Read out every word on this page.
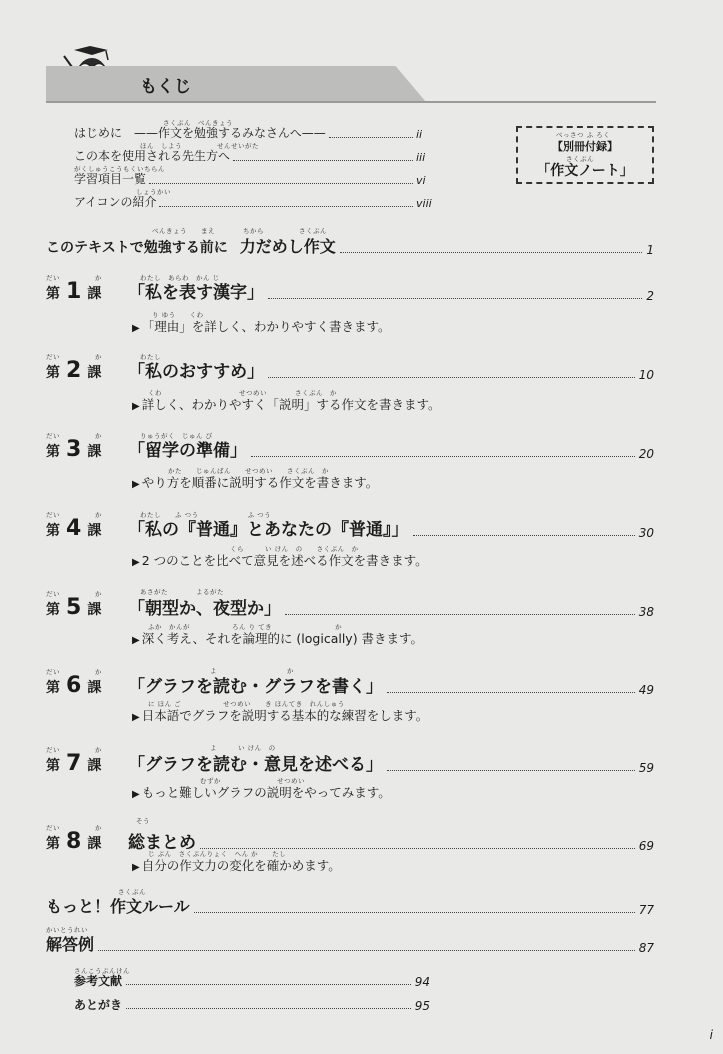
もくじ
さくぶん　べんきょう
はじめに　——作文を勉強するみなさんへ——	ii
ほん　しよう　　　　　せんせいがた
この本を使用される先生方へ	iii
がくしゅうこうもくいちらん
学習項目一覧	vi
しょうかい
アイコンの紹介	viii
べっさつ ふ ろく
【別冊付録】
さくぶん
「作文ノート」
べんきょう　　まえ　　　　ちから　　　　　さくぶん
このテキストで勉強する前に 力だめし作文	1
だい　　　　　か	わたし　あらわ　かん じ
第 1 課 「私を表す漢字」	2
り ゆう　　くわ
▶ 「理由」を詳しく、わかりやすく書きます。
だい　　　　　か	わたし
第 2 課 「私のおすすめ」	10
くわ　　　　　　　　　　　せつめい　　　　さくぶん　か
▶ 詳しく、わかりやすく「説明」する作文を書きます。
だい　　　　　か	りゅうがく　じゅん び
第 3 課 「留学の準備」	20
かた　　じゅんばん　　せつめい　　さくぶん　か
▶ やり方を順番に説明する作文を書きます。
だい　　　　　か	わたし　　ふ つう　　　　　　　ふ つう
第 4 課 「私の『普通』とあなたの『普通』」	30
くら　　　い けん　の　　さくぶん　か
▶ 2 つのことを比べて意見を述べる作文を書きます。
だい　　　　　か	あさがた　　　　よるがた
第 5 課 「朝型か、夜型か」	38
ふか　かんが　　　　　　ろん り てき　　　　　　　　　か
▶ 深く考え、それを論理的に (logically) 書きます。
だい　　　　　か	よ　　　　　　　　　　か
第 6 課 「グラフを読む・グラフを書く」	49
に ほん ご　　　　　　せつめい　　き ほんてき　れんしゅう
▶ 日本語でグラフを説明する基本的な練習をします。
だい　　　　　か	よ　　　い けん　の
第 7 課 「グラフを読む・意見を述べる」	59
むずか　　　　　　　　せつめい
▶ もっと難しいグラフの説明をやってみます。
だい　　　　　か
そう
第 8 課 総まとめ	69
じ ぶん　さくぶんりょく　へん か　　たし
▶ 自分の作文力の変化を確かめます。
さくぶん
もっと！作文ルール	77
かいとうれい
解答例	87
さんこうぶんけん
参考文献	94
あとがき	95
i
